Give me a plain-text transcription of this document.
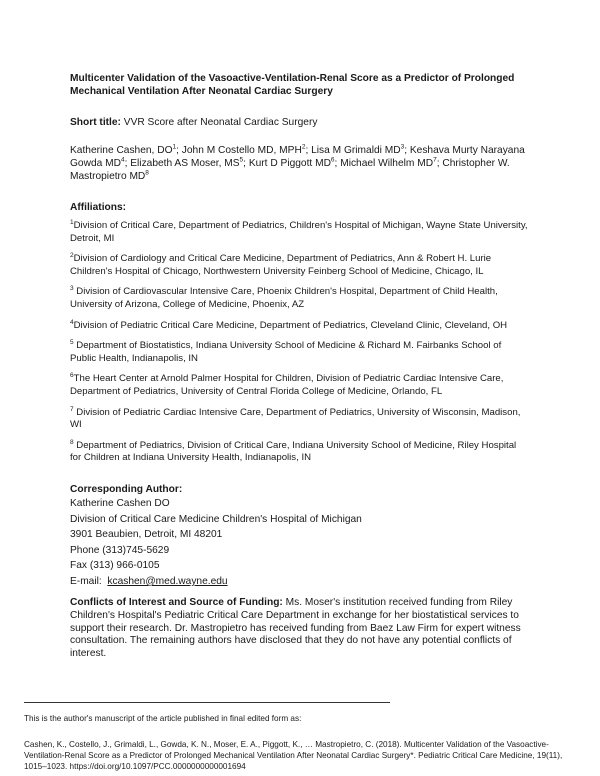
Multicenter Validation of the Vasoactive-Ventilation-Renal Score as a Predictor of Prolonged Mechanical Ventilation After Neonatal Cardiac Surgery
Short title: VVR Score after Neonatal Cardiac Surgery
Katherine Cashen, $DO^1$; John M Costello MD, MPH$^2$; Lisa M Grimaldi $MD^3$; Keshava Murty Narayana Gowda $MD^4$; Elizabeth AS Moser, $MS^5$; Kurt D Piggott $MD^6$; Michael Wilhelm $MD^7$; Christopher W. Mastropietro $MD^8$
Affiliations:
$^1$Division of Critical Care, Department of Pediatrics, Children's Hospital of Michigan, Wayne State University, Detroit, MI
$^2$Division of Cardiology and Critical Care Medicine, Department of Pediatrics, Ann & Robert H. Lurie Children's Hospital of Chicago, Northwestern University Feinberg School of Medicine, Chicago, IL
$^3$ Division of Cardiovascular Intensive Care, Phoenix Children's Hospital, Department of Child Health, University of Arizona, College of Medicine, Phoenix, AZ
$^4$Division of Pediatric Critical Care Medicine, Department of Pediatrics, Cleveland Clinic, Cleveland, OH
$^5$ Department of Biostatistics, Indiana University School of Medicine & Richard M. Fairbanks School of Public Health, Indianapolis, IN
$^6$The Heart Center at Arnold Palmer Hospital for Children, Division of Pediatric Cardiac Intensive Care, Department of Pediatrics, University of Central Florida College of Medicine, Orlando, FL
$^7$ Division of Pediatric Cardiac Intensive Care, Department of Pediatrics, University of Wisconsin, Madison, WI
$^8$ Department of Pediatrics, Division of Critical Care, Indiana University School of Medicine, Riley Hospital for Children at Indiana University Health, Indianapolis, IN
Corresponding Author:
Katherine Cashen DO
Division of Critical Care Medicine Children's Hospital of Michigan
3901 Beaubien, Detroit, MI 48201
Phone (313)745-5629
Fax (313) 966-0105
E-mail: kcashen@med.wayne.edu
Conflicts of Interest and Source of Funding: Ms. Moser's institution received funding from Riley Children's Hospital's Pediatric Critical Care Department in exchange for her biostatistical services to support their research. Dr. Mastropietro has received funding from Baez Law Firm for expert witness consultation. The remaining authors have disclosed that they do not have any potential conflicts of interest.
This is the author's manuscript of the article published in final edited form as:
Cashen, K., Costello, J., Grimaldi, L., Gowda, K. N., Moser, E. A., Piggott, K., … Mastropietro, C. (2018). Multicenter Validation of the Vasoactive-Ventilation-Renal Score as a Predictor of Prolonged Mechanical Ventilation After Neonatal Cardiac Surgery*. Pediatric Critical Care Medicine, 19(11), 1015–1023. https://doi.org/10.1097/PCC.0000000000001694
